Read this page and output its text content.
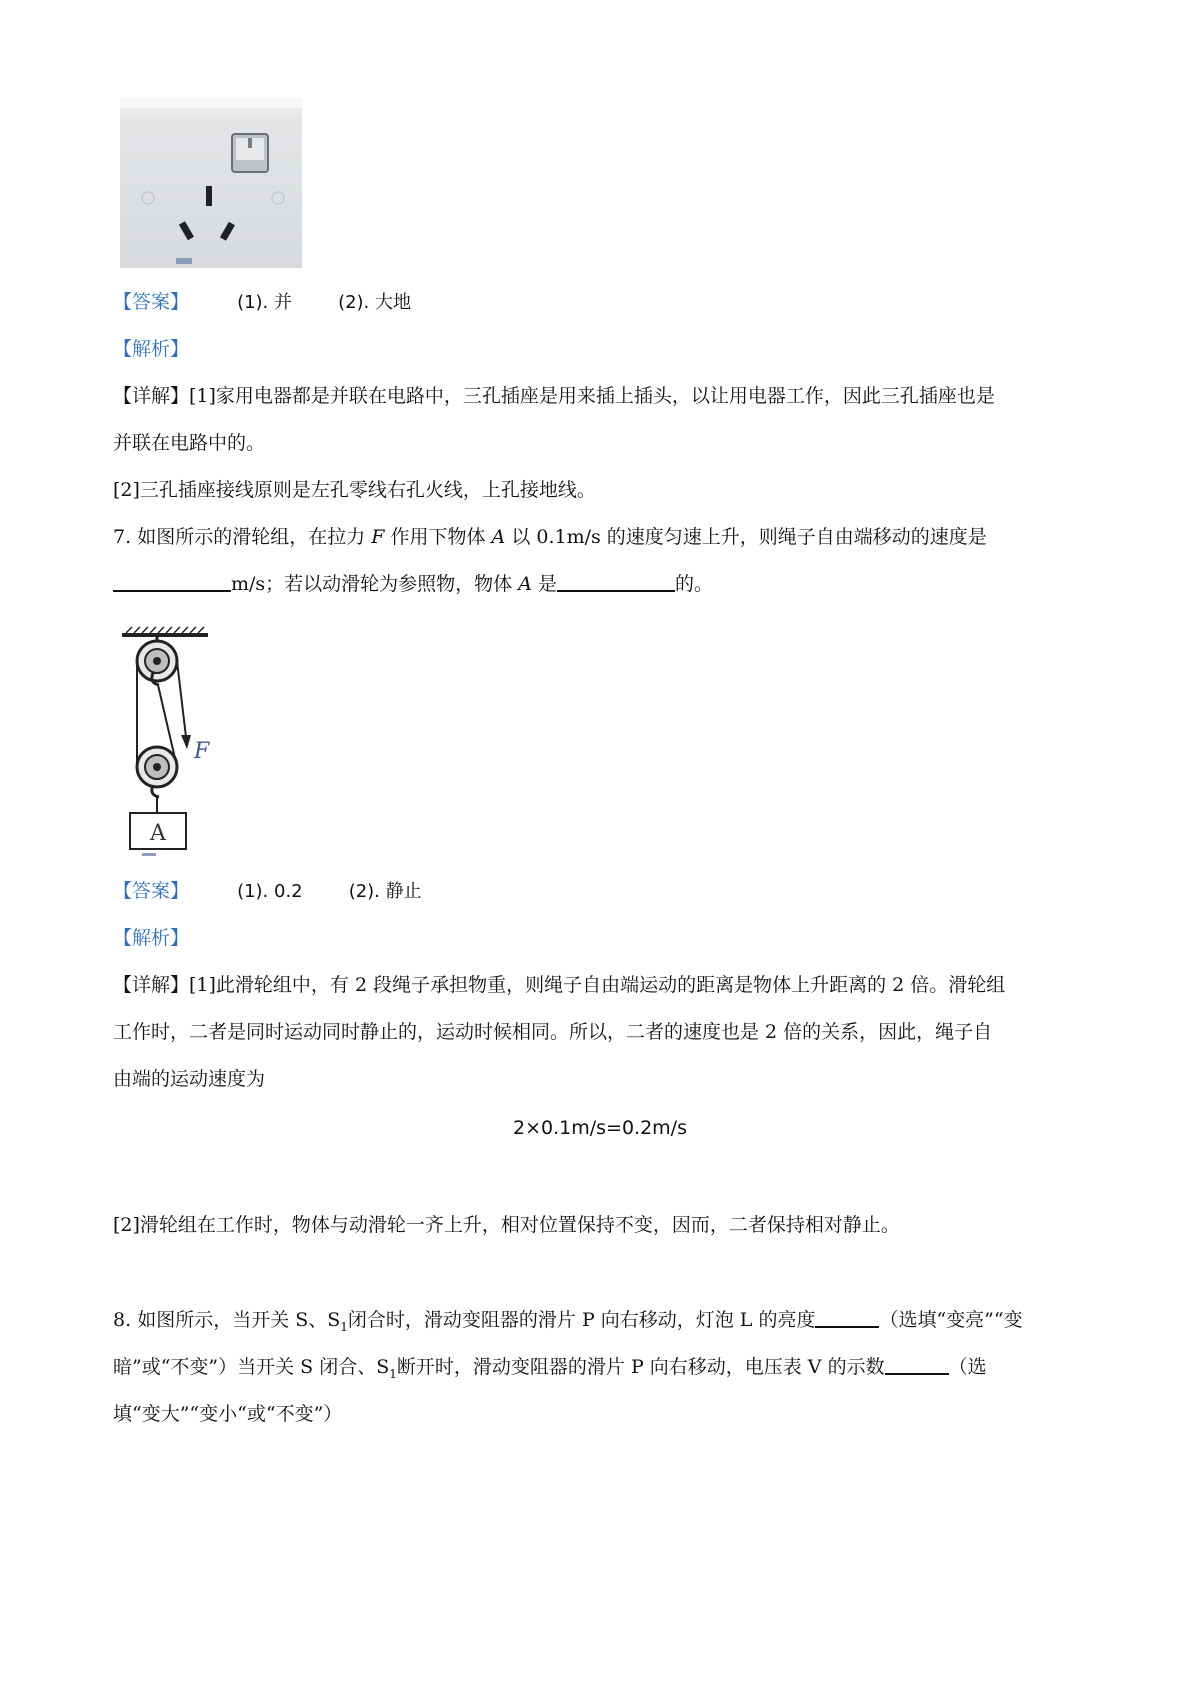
【答案】	(1). 并	(2). 大地
【解析】
【详解】[1]家用电器都是并联在电路中，三孔插座是用来插上插头，以让用电器工作，因此三孔插座也是
并联在电路中的。
[2]三孔插座接线原则是左孔零线右孔火线，上孔接地线。
7. 如图所示的滑轮组，在拉力 F 作用下物体 A 以 0.1m/s 的速度匀速上升，则绳子自由端移动的速度是
m/s；若以动滑轮为参照物，物体 A 是	的。
F
A
【答案】	(1). 0.2	(2). 静止
【解析】
【详解】[1]此滑轮组中，有 2 段绳子承担物重，则绳子自由端运动的距离是物体上升距离的 2 倍。滑轮组
工作时，二者是同时运动同时静止的，运动时候相同。所以，二者的速度也是 2 倍的关系，因此，绳子自
由端的运动速度为
2×0.1m/s=0.2m/s
[2]滑轮组在工作时，物体与动滑轮一齐上升，相对位置保持不变，因而，二者保持相对静止。
8. 如图所示，当开关 S、$S_1$闭合时，滑动变阻器的滑片 P 向右移动，灯泡 L 的亮度	（选填“变亮”“变
暗”或“不变”）当开关 S 闭合、$S_1$断开时，滑动变阻器的滑片 P 向右移动，电压表 V 的示数	（选
填“变大”“变小“或“不变”）
